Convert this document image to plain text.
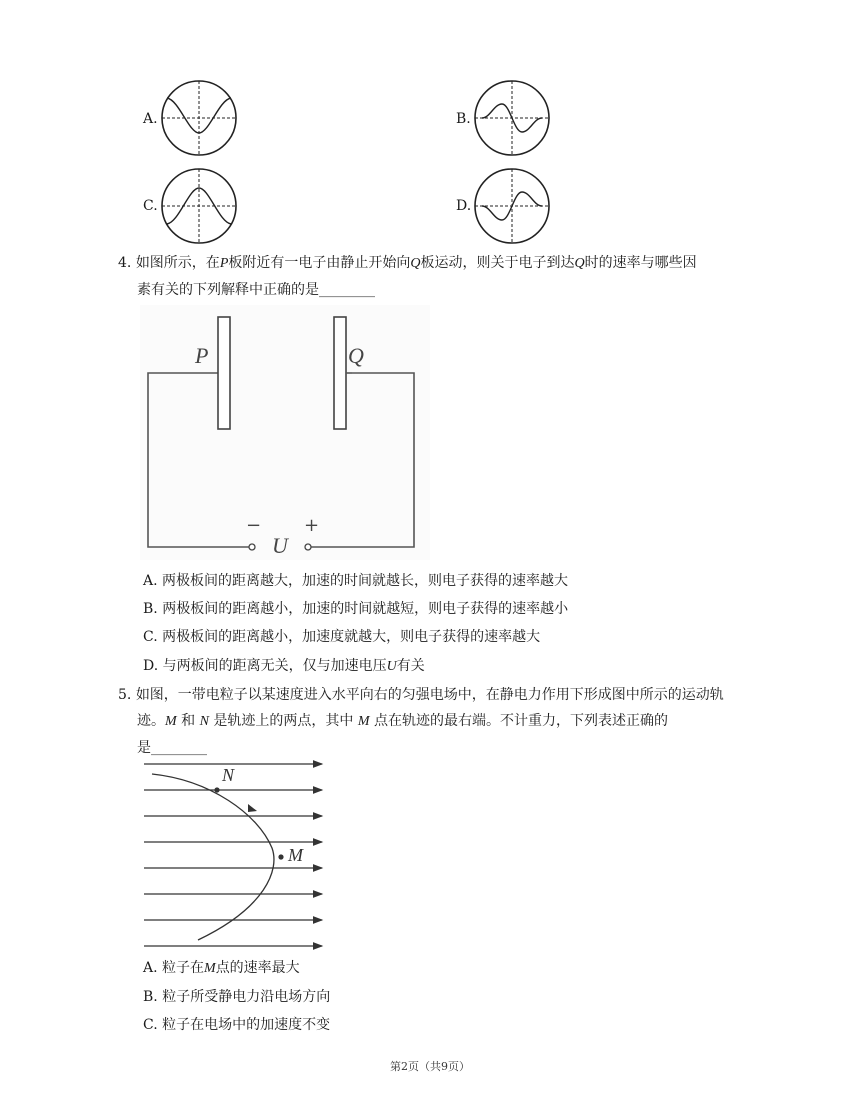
A.	B.
C.	D.
4. 如图所示，在P板附近有一电子由静止开始向Q板运动，则关于电子到达Q时的速率与哪些因
素有关的下列解释中正确的是________
P	Q
− +
U
A. 两极板间的距离越大，加速的时间就越长，则电子获得的速率越大
B. 两极板间的距离越小，加速的时间就越短，则电子获得的速率越小
C. 两极板间的距离越小，加速度就越大，则电子获得的速率越大
D. 与两板间的距离无关，仅与加速电压U有关
5. 如图，一带电粒子以某速度进入水平向右的匀强电场中，在静电力作用下形成图中所示的运动轨
迹。M 和 N 是轨迹上的两点，其中 M 点在轨迹的最右端。不计重力，下列表述正确的
是________
N
M
A. 粒子在M点的速率最大
B. 粒子所受静电力沿电场方向
C. 粒子在电场中的加速度不变
第2页（共9页）
